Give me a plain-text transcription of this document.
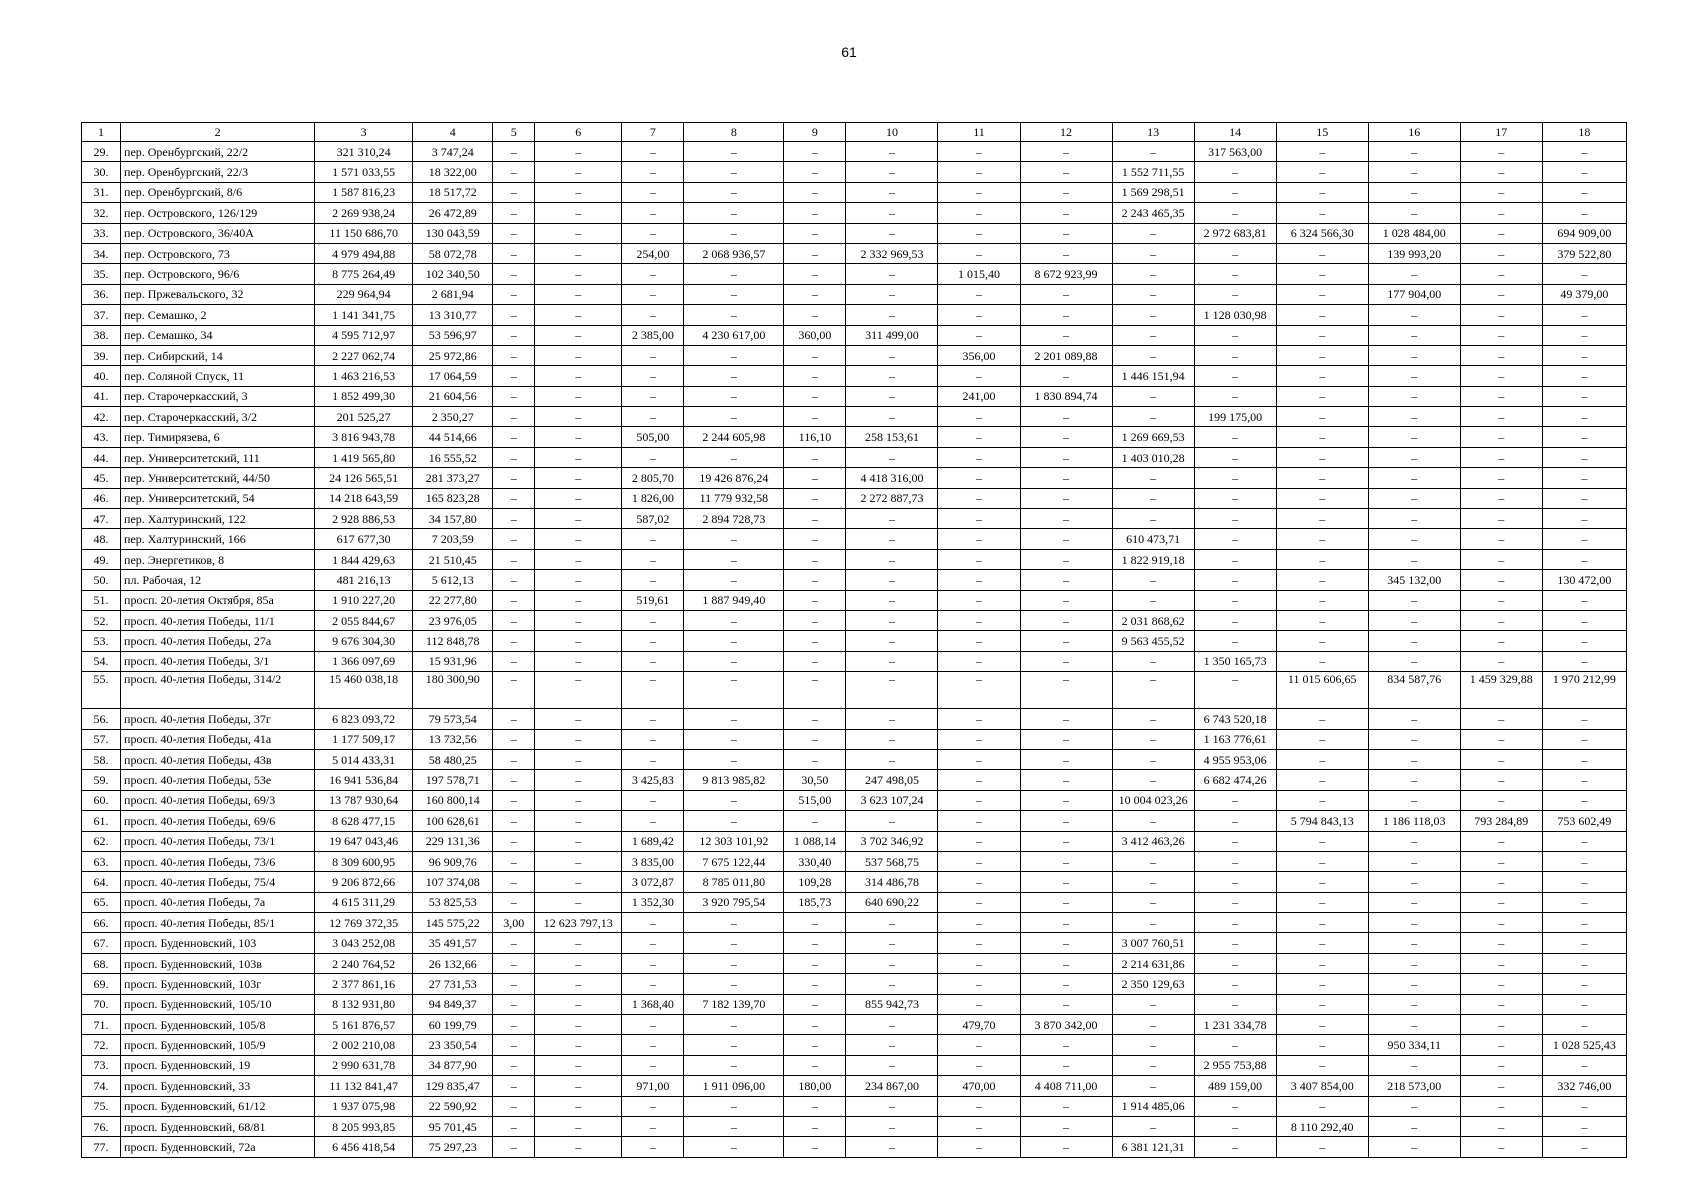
61
1	2	3	4	5	6	7	8	9	10	11	12	13	14	15	16	17	18
29.	пер. Оренбургский, 22/2	321 310,24	3 747,24	–	–	–	–	–	–	–	–	–	317 563,00	–	–	–	–
30.	пер. Оренбургский, 22/3	1 571 033,55	18 322,00	–	–	–	–	–	–	–	–	1 552 711,55	–	–	–	–	–
31.	пер. Оренбургский, 8/6	1 587 816,23	18 517,72	–	–	–	–	–	–	–	–	1 569 298,51	–	–	–	–	–
32.	пер. Островского, 126/129	2 269 938,24	26 472,89	–	–	–	–	–	–	–	–	2 243 465,35	–	–	–	–	–
33.	пер. Островского, 36/40А	11 150 686,70	130 043,59	–	–	–	–	–	–	–	–	–	2 972 683,81	6 324 566,30	1 028 484,00	–	694 909,00
34.	пер. Островского, 73	4 979 494,88	58 072,78	–	–	254,00	2 068 936,57	–	2 332 969,53	–	–	–	–	–	139 993,20	–	379 522,80
35.	пер. Островского, 96/6	8 775 264,49	102 340,50	–	–	–	–	–	–	1 015,40	8 672 923,99	–	–	–	–	–	–
36.	пер. Пржевальского, 32	229 964,94	2 681,94	–	–	–	–	–	–	–	–	–	–	–	177 904,00	–	49 379,00
37.	пер. Семашко, 2	1 141 341,75	13 310,77	–	–	–	–	–	–	–	–	–	1 128 030,98	–	–	–	–
38.	пер. Семашко, 34	4 595 712,97	53 596,97	–	–	2 385,00	4 230 617,00	360,00	311 499,00	–	–	–	–	–	–	–	–
39.	пер. Сибирский, 14	2 227 062,74	25 972,86	–	–	–	–	–	–	356,00	2 201 089,88	–	–	–	–	–	–
40.	пер. Соляной Спуск, 11	1 463 216,53	17 064,59	–	–	–	–	–	–	–	–	1 446 151,94	–	–	–	–	–
41.	пер. Старочеркасский, 3	1 852 499,30	21 604,56	–	–	–	–	–	–	241,00	1 830 894,74	–	–	–	–	–	–
42.	пер. Старочеркасский, 3/2	201 525,27	2 350,27	–	–	–	–	–	–	–	–	–	199 175,00	–	–	–	–
43.	пер. Тимирязева, 6	3 816 943,78	44 514,66	–	–	505,00	2 244 605,98	116,10	258 153,61	–	–	1 269 669,53	–	–	–	–	–
44.	пер. Университетский, 111	1 419 565,80	16 555,52	–	–	–	–	–	–	–	–	1 403 010,28	–	–	–	–	–
45.	пер. Университетский, 44/50	24 126 565,51	281 373,27	–	–	2 805,70	19 426 876,24	–	4 418 316,00	–	–	–	–	–	–	–	–
46.	пер. Университетский, 54	14 218 643,59	165 823,28	–	–	1 826,00	11 779 932,58	–	2 272 887,73	–	–	–	–	–	–	–	–
47.	пер. Халтуринский, 122	2 928 886,53	34 157,80	–	–	587,02	2 894 728,73	–	–	–	–	–	–	–	–	–	–
48.	пер. Халтуринский, 166	617 677,30	7 203,59	–	–	–	–	–	–	–	–	610 473,71	–	–	–	–	–
49.	пер. Энергетиков, 8	1 844 429,63	21 510,45	–	–	–	–	–	–	–	–	1 822 919,18	–	–	–	–	–
50.	пл. Рабочая, 12	481 216,13	5 612,13	–	–	–	–	–	–	–	–	–	–	–	345 132,00	–	130 472,00
51.	просп. 20-летия Октября, 85а	1 910 227,20	22 277,80	–	–	519,61	1 887 949,40	–	–	–	–	–	–	–	–	–	–
52.	просп. 40-летия Победы, 11/1	2 055 844,67	23 976,05	–	–	–	–	–	–	–	–	2 031 868,62	–	–	–	–	–
53.	просп. 40-летия Победы, 27а	9 676 304,30	112 848,78	–	–	–	–	–	–	–	–	9 563 455,52	–	–	–	–	–
54.	просп. 40-летия Победы, 3/1	1 366 097,69	15 931,96	–	–	–	–	–	–	–	–	–	1 350 165,73	–	–	–	–
55.	просп. 40-летия Победы, 314/2	15 460 038,18	180 300,90	–	–	–	–	–	–	–	–	–	–	11 015 606,65	834 587,76	1 459 329,88	1 970 212,99
56.	просп. 40-летия Победы, 37г	6 823 093,72	79 573,54	–	–	–	–	–	–	–	–	–	6 743 520,18	–	–	–	–
57.	просп. 40-летия Победы, 41а	1 177 509,17	13 732,56	–	–	–	–	–	–	–	–	–	1 163 776,61	–	–	–	–
58.	просп. 40-летия Победы, 43в	5 014 433,31	58 480,25	–	–	–	–	–	–	–	–	–	4 955 953,06	–	–	–	–
59.	просп. 40-летия Победы, 53е	16 941 536,84	197 578,71	–	–	3 425,83	9 813 985,82	30,50	247 498,05	–	–	–	6 682 474,26	–	–	–	–
60.	просп. 40-летия Победы, 69/3	13 787 930,64	160 800,14	–	–	–	–	515,00	3 623 107,24	–	–	10 004 023,26	–	–	–	–	–
61.	просп. 40-летия Победы, 69/6	8 628 477,15	100 628,61	–	–	–	–	–	–	–	–	–	–	5 794 843,13	1 186 118,03	793 284,89	753 602,49
62.	просп. 40-летия Победы, 73/1	19 647 043,46	229 131,36	–	–	1 689,42	12 303 101,92	1 088,14	3 702 346,92	–	–	3 412 463,26	–	–	–	–	–
63.	просп. 40-летия Победы, 73/6	8 309 600,95	96 909,76	–	–	3 835,00	7 675 122,44	330,40	537 568,75	–	–	–	–	–	–	–	–
64.	просп. 40-летия Победы, 75/4	9 206 872,66	107 374,08	–	–	3 072,87	8 785 011,80	109,28	314 486,78	–	–	–	–	–	–	–	–
65.	просп. 40-летия Победы, 7а	4 615 311,29	53 825,53	–	–	1 352,30	3 920 795,54	185,73	640 690,22	–	–	–	–	–	–	–	–
66.	просп. 40-летия Победы, 85/1	12 769 372,35	145 575,22	3,00	12 623 797,13	–	–	–	–	–	–	–	–	–	–	–	–
67.	просп. Буденновский, 103	3 043 252,08	35 491,57	–	–	–	–	–	–	–	–	3 007 760,51	–	–	–	–	–
68.	просп. Буденновский, 103в	2 240 764,52	26 132,66	–	–	–	–	–	–	–	–	2 214 631,86	–	–	–	–	–
69.	просп. Буденновский, 103г	2 377 861,16	27 731,53	–	–	–	–	–	–	–	–	2 350 129,63	–	–	–	–	–
70.	просп. Буденновский, 105/10	8 132 931,80	94 849,37	–	–	1 368,40	7 182 139,70	–	855 942,73	–	–	–	–	–	–	–	–
71.	просп. Буденновский, 105/8	5 161 876,57	60 199,79	–	–	–	–	–	–	479,70	3 870 342,00	–	1 231 334,78	–	–	–	–
72.	просп. Буденновский, 105/9	2 002 210,08	23 350,54	–	–	–	–	–	–	–	–	–	–	–	950 334,11	–	1 028 525,43
73.	просп. Буденновский, 19	2 990 631,78	34 877,90	–	–	–	–	–	–	–	–	–	2 955 753,88	–	–	–	–
74.	просп. Буденновский, 33	11 132 841,47	129 835,47	–	–	971,00	1 911 096,00	180,00	234 867,00	470,00	4 408 711,00	–	489 159,00	3 407 854,00	218 573,00	–	332 746,00
75.	просп. Буденновский, 61/12	1 937 075,98	22 590,92	–	–	–	–	–	–	–	–	1 914 485,06	–	–	–	–	–
76.	просп. Буденновский, 68/81	8 205 993,85	95 701,45	–	–	–	–	–	–	–	–	–	–	8 110 292,40	–	–	–
77.	просп. Буденновский, 72а	6 456 418,54	75 297,23	–	–	–	–	–	–	–	–	6 381 121,31	–	–	–	–	–
